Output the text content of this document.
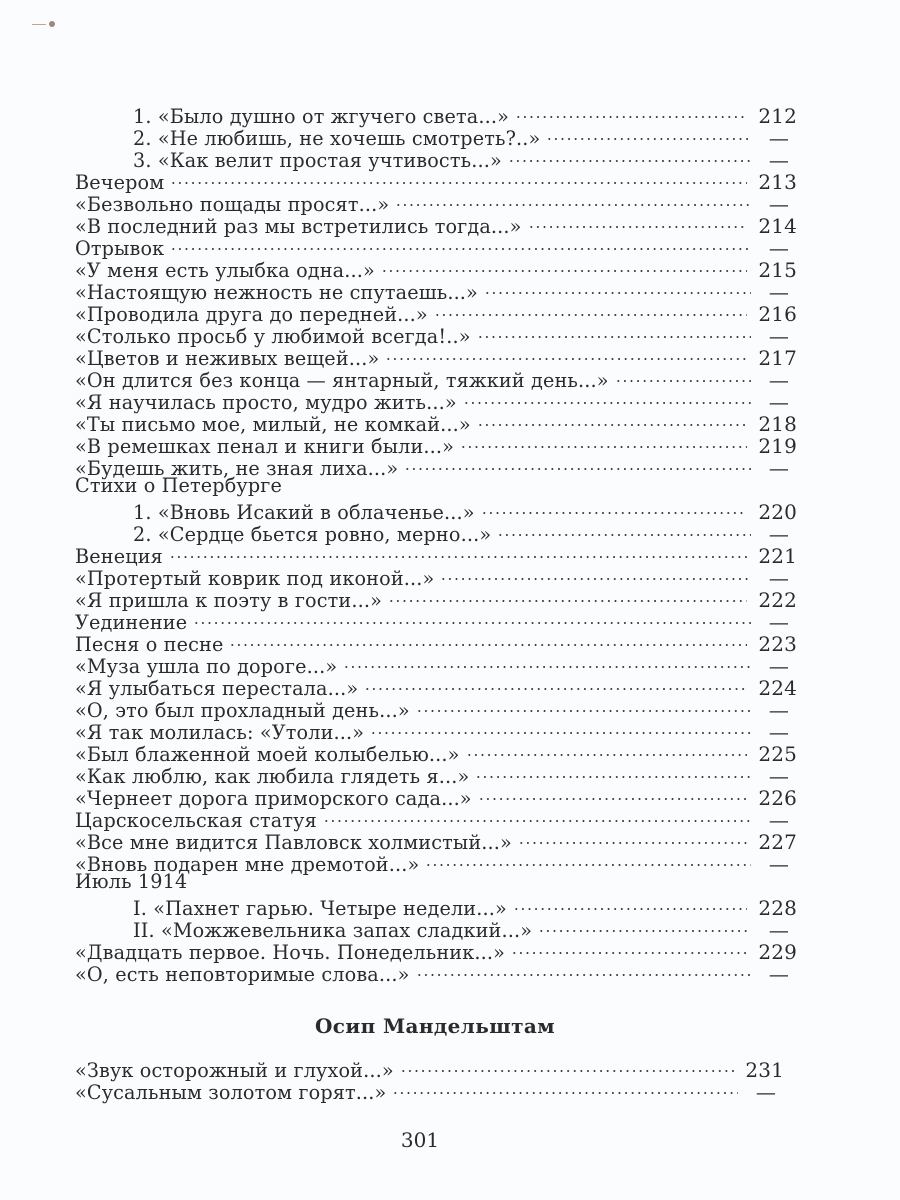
1. «Было душно от жгучего света...»	212
2. «Не любишь, не хочешь смотреть?..»	—
3. «Как велит простая учтивость...»	—
Вечером	213
«Безвольно пощады просят...»	—
«В последний раз мы встретились тогда...»	214
Отрывок	—
«У меня есть улыбка одна...»	215
«Настоящую нежность не спутаешь...»	—
«Проводила друга до передней...»	216
«Столько просьб у любимой всегда!..»	—
«Цветов и неживых вещей...»	217
«Он длится без конца — янтарный, тяжкий день...»	—
«Я научилась просто, мудро жить...»	—
«Ты письмо мое, милый, не комкай...»	218
«В ремешках пенал и книги были...»	219
«Будешь жить, не зная лиха...»	—
Стихи о Петербурге
1. «Вновь Исакий в облаченье...»	220
2. «Сердце бьется ровно, мерно...»	—
Венеция	221
«Протертый коврик под иконой...»	—
«Я пришла к поэту в гости...»	222
Уединение	—
Песня о песне	223
«Муза ушла по дороге...»	—
«Я улыбаться перестала...»	224
«О, это был прохладный день...»	—
«Я так молилась: «Утоли...»	—
«Был блаженной моей колыбелью...»	225
«Как люблю, как любила глядеть я...»	—
«Чернеет дорога приморского сада...»	226
Царскосельская статуя	—
«Все мне видится Павловск холмистый...»	227
«Вновь подарен мне дремотой...»	—
Июль 1914
I. «Пахнет гарью. Четыре недели...»	228
II. «Можжевельника запах сладкий...»	—
«Двадцать первое. Ночь. Понедельник...»	229
«О, есть неповторимые слова...»	—
Осип Мандельштам
«Звук осторожный и глухой...»	231
«Сусальным золотом горят...»	—
301
